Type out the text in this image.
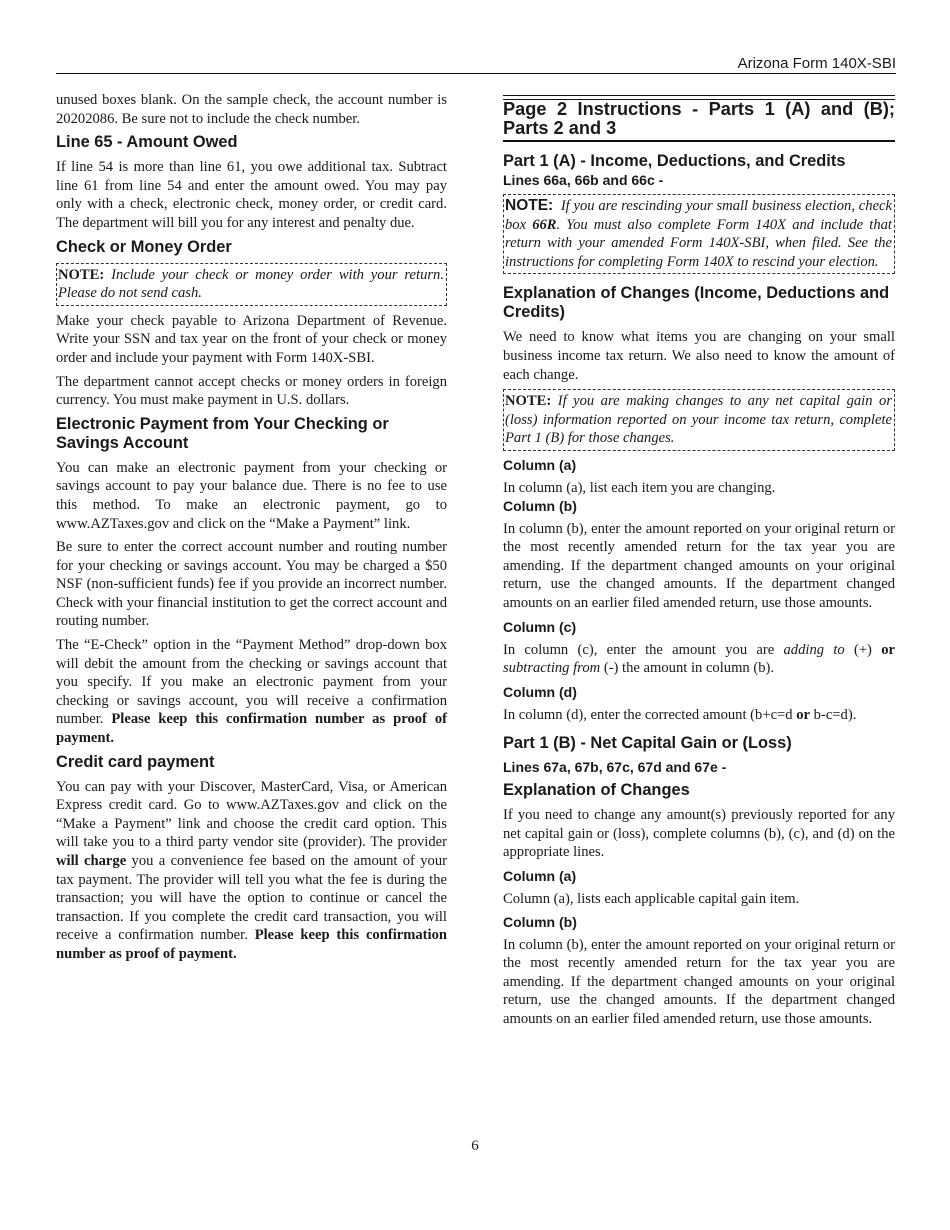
Arizona Form 140X-SBI

unused boxes blank. On the sample check, the account number is 20202086. Be sure not to include the check number.

Line 65 - Amount Owed

If line 54 is more than line 61, you owe additional tax. Subtract line 61 from line 54 and enter the amount owed. You may pay only with a check, electronic check, money order, or credit card. The department will bill you for any interest and penalty due.

Check or Money Order

NOTE: Include your check or money order with your return. Please do not send cash.

Make your check payable to Arizona Department of Revenue. Write your SSN and tax year on the front of your check or money order and include your payment with Form 140X-SBI.

The department cannot accept checks or money orders in foreign currency. You must make payment in U.S. dollars.

Electronic Payment from Your Checking or Savings Account

You can make an electronic payment from your checking or savings account to pay your balance due. There is no fee to use this method. To make an electronic payment, go to www.AZTaxes.gov and click on the “Make a Payment” link.

Be sure to enter the correct account number and routing number for your checking or savings account. You may be charged a $50 NSF (non-sufficient funds) fee if you provide an incorrect number. Check with your financial institution to get the correct account and routing number.

The “E-Check” option in the “Payment Method” drop-down box will debit the amount from the checking or savings account that you specify. If you make an electronic payment from your checking or savings account, you will receive a confirmation number. Please keep this confirmation number as proof of payment.

Credit card payment

You can pay with your Discover, MasterCard, Visa, or American Express credit card. Go to www.AZTaxes.gov and click on the “Make a Payment” link and choose the credit card option. This will take you to a third party vendor site (provider). The provider will charge you a convenience fee based on the amount of your tax payment. The provider will tell you what the fee is during the transaction; you will have the option to continue or cancel the transaction. If you complete the credit card transaction, you will receive a confirmation number. Please keep this confirmation number as proof of payment.

Page 2 Instructions - Parts 1 (A) and (B); Parts 2 and 3
Part 1 (A) - Income, Deductions, and Credits
Lines 66a, 66b and 66c -

NOTE: If you are rescinding your small business election, check box 66R. You must also complete Form 140X and include that return with your amended Form 140X-SBI, when filed. See the instructions for completing Form 140X to rescind your election.

Explanation of Changes (Income, Deductions and Credits)

We need to know what items you are changing on your small business income tax return. We also need to know the amount of each change.

NOTE: If you are making changes to any net capital gain or (loss) information reported on your income tax return, complete Part 1 (B) for those changes.

Column (a)

In column (a), list each item you are changing.

Column (b)

In column (b), enter the amount reported on your original return or the most recently amended return for the tax year you are amending. If the department changed amounts on your original return, use the changed amounts. If the department changed amounts on an earlier filed amended return, use those amounts.

Column (c)

In column (c), enter the amount you are adding to (+) or subtracting from (-) the amount in column (b).

Column (d)

In column (d), enter the corrected amount (b+c=d or b-c=d).

Part 1 (B) - Net Capital Gain or (Loss)
Lines 67a, 67b, 67c, 67d and 67e -
Explanation of Changes

If you need to change any amount(s) previously reported for any net capital gain or (loss), complete columns (b), (c), and (d) on the appropriate lines.

Column (a)

Column (a), lists each applicable capital gain item.

Column (b)

In column (b), enter the amount reported on your original return or the most recently amended return for the tax year you are amending. If the department changed amounts on your original return, use the changed amounts. If the department changed amounts on an earlier filed amended return, use those amounts.

6
